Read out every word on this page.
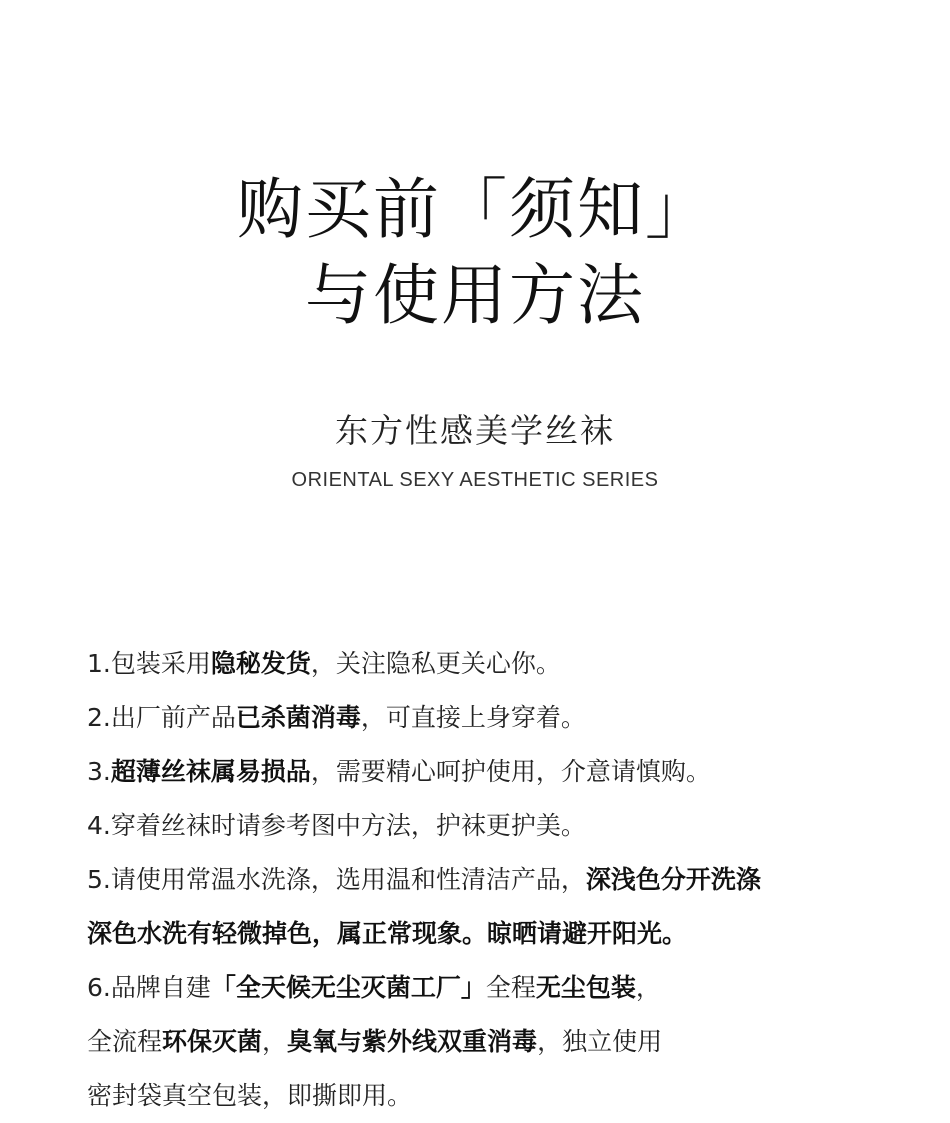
购买前「须知」
与使用方法

东方性感美学丝袜

ORIENTAL SEXY AESTHETIC SERIES

1.包装采用隐秘发货，关注隐私更关心你。
2.出厂前产品已杀菌消毒，可直接上身穿着。
3.超薄丝袜属易损品，需要精心呵护使用，介意请慎购。
4.穿着丝袜时请参考图中方法，护袜更护美。
5.请使用常温水洗涤，选用温和性清洁产品，深浅色分开洗涤
深色水洗有轻微掉色，属正常现象。晾晒请避开阳光。
6.品牌自建「全天候无尘灭菌工厂」全程无尘包装，
全流程环保灭菌，臭氧与紫外线双重消毒，独立使用
密封袋真空包装，即撕即用。
